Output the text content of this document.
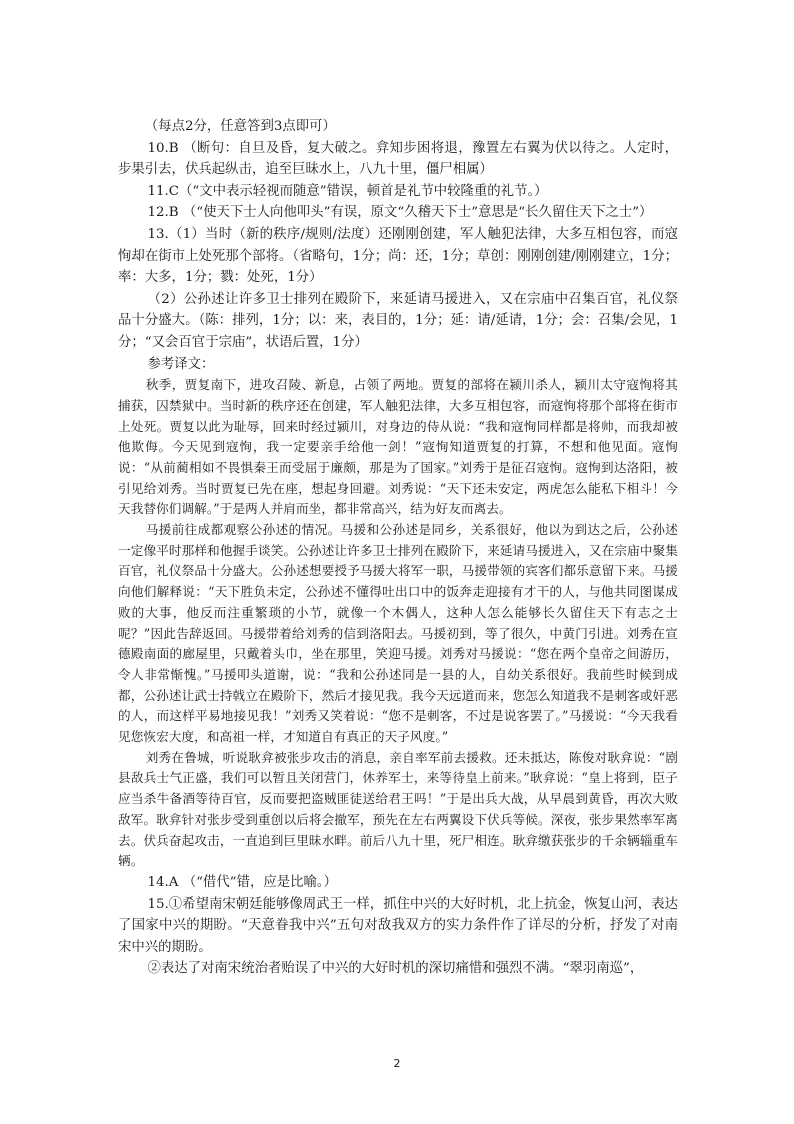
（每点2分，任意答到3点即可）

10.B （断句：自旦及昏，复大破之。弇知步困将退，豫置左右翼为伏以待之。人定时，步果引去，伏兵起纵击，追至巨昧水上，八九十里，僵尸相属）

11.C（“文中表示轻视而随意”错误，顿首是礼节中较隆重的礼节。）

12.B （“使天下士人向他叩头”有误，原文“久稽天下士”意思是“长久留住天下之士”）

13.（1）当时（新的秩序/规则/法度）还刚刚创建，军人触犯法律，大多互相包容，而寇恂却在街市上处死那个部将。（省略句，1分；尚：还，1分；草创：刚刚创建/刚刚建立，1分；率：大多，1分；戮：处死，1分）

（2）公孙述让许多卫士排列在殿阶下，来延请马援进入，又在宗庙中召集百官，礼仪祭品十分盛大。（陈：排列，1分；以：来，表目的，1分；延：请/延请，1分；会：召集/会见，1分；“又会百官于宗庙”，状语后置，1分）

参考译文：

秋季，贾复南下，进攻召陵、新息，占领了两地。贾复的部将在颍川杀人，颍川太守寇恂将其捕获，囚禁狱中。当时新的秩序还在创建，军人触犯法律，大多互相包容，而寇恂将那个部将在街市上处死。贾复以此为耻辱，回来时经过颍川，对身边的侍从说：“我和寇恂同样都是将帅，而我却被他欺侮。今天见到寇恂，我一定要亲手给他一剑！”寇恂知道贾复的打算，不想和他见面。寇恂说：“从前蔺相如不畏惧秦王而受屈于廉颇，那是为了国家。”刘秀于是征召寇恂。寇恂到达洛阳，被引见给刘秀。当时贾复已先在座，想起身回避。刘秀说：“天下还未安定，两虎怎么能私下相斗！今天我替你们调解。”于是两人并肩而坐，都非常高兴，结为好友而离去。

马援前往成都观察公孙述的情况。马援和公孙述是同乡，关系很好，他以为到达之后，公孙述一定像平时那样和他握手谈笑。公孙述让许多卫士排列在殿阶下，来延请马援进入，又在宗庙中聚集百官，礼仪祭品十分盛大。公孙述想要授予马援大将军一职，马援带领的宾客们都乐意留下来。马援向他们解释说：“天下胜负未定，公孙述不懂得吐出口中的饭奔走迎接有才干的人，与他共同图谋成败的大事，他反而注重繁琐的小节，就像一个木偶人，这种人怎么能够长久留住天下有志之士呢？”因此告辞返回。马援带着给刘秀的信到洛阳去。马援初到，等了很久，中黄门引进。刘秀在宣德殿南面的廊屋里，只戴着头巾，坐在那里，笑迎马援。刘秀对马援说：“您在两个皇帝之间游历，令人非常惭愧。”马援叩头道谢，说：“我和公孙述同是一县的人，自幼关系很好。我前些时候到成都，公孙述让武士持戟立在殿阶下，然后才接见我。我今天远道而来，您怎么知道我不是刺客或奸恶的人，而这样平易地接见我！”刘秀又笑着说：“您不是刺客，不过是说客罢了。”马援说：“今天我看见您恢宏大度，和高祖一样，才知道自有真正的天子风度。”

刘秀在鲁城，听说耿弇被张步攻击的消息，亲自率军前去援救。还未抵达，陈俊对耿弇说：“剧县敌兵士气正盛，我们可以暂且关闭营门，休养军士，来等待皇上前来。”耿弇说：“皇上将到，臣子应当杀牛备酒等待百官，反而要把盗贼匪徒送给君王吗！”于是出兵大战，从早晨到黄昏，再次大败敌军。耿弇针对张步受到重创以后将会撤军，预先在左右两翼设下伏兵等候。深夜，张步果然率军离去。伏兵奋起攻击，一直追到巨里昧水畔。前后八九十里，死尸相连。耿弇缴获张步的千余辆辎重车辆。

14.A （“借代”错，应是比喻。）

15.①希望南宋朝廷能够像周武王一样，抓住中兴的大好时机，北上抗金，恢复山河，表达了国家中兴的期盼。“天意眷我中兴”五句对敌我双方的实力条件作了详尽的分析，抒发了对南宋中兴的期盼。

②表达了对南宋统治者贻误了中兴的大好时机的深切痛惜和强烈不满。“翠羽南巡”，

2
